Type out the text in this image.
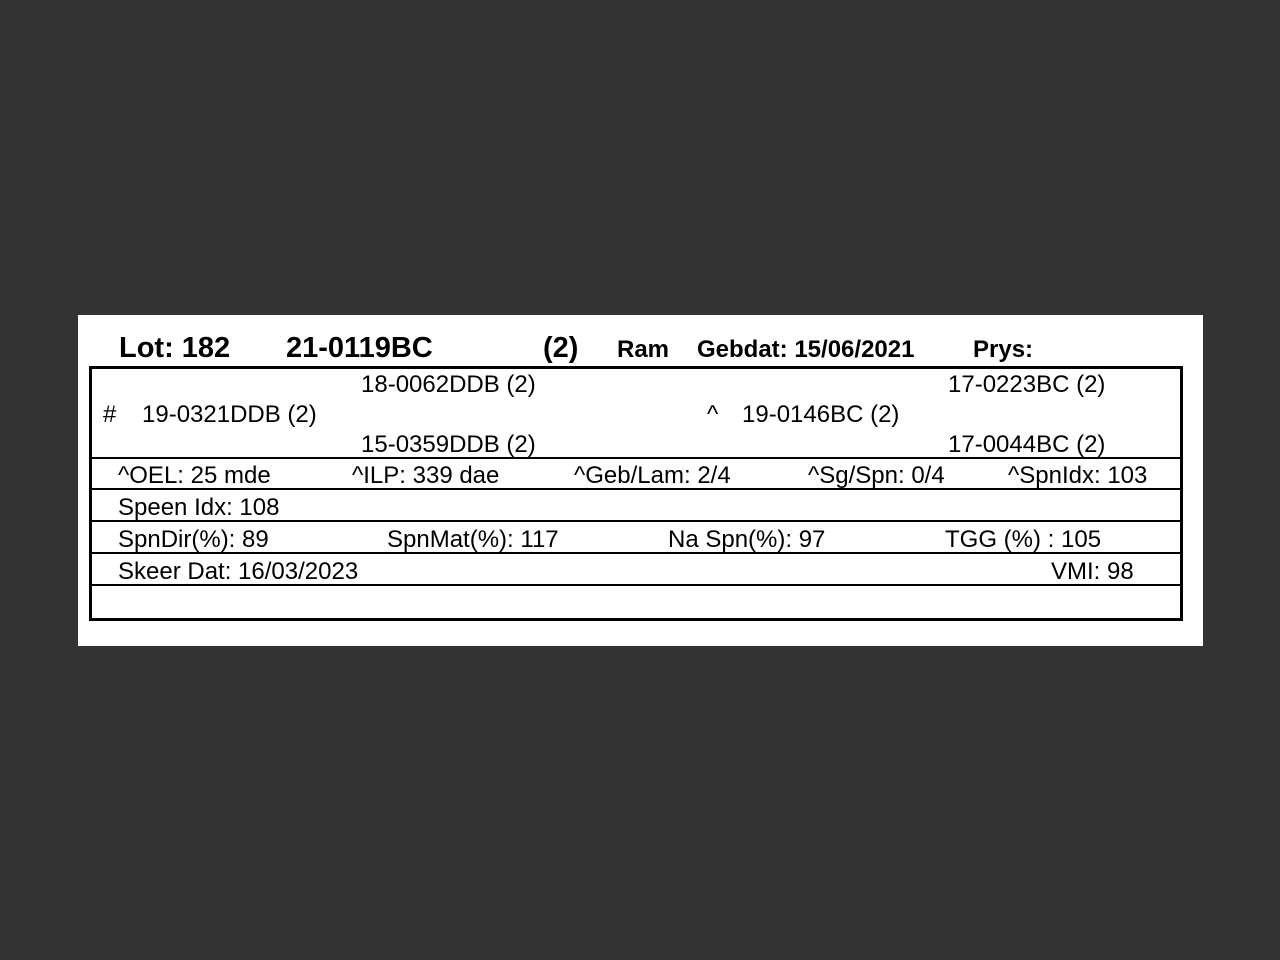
Lot: 182 21-0119BC	(2) Ram Gebdat: 15/06/2021 Prys:
18-0062DDB (2)	17-0223BC (2)
# 19-0321DDB (2)	^ 19-0146BC (2)
15-0359DDB (2)	17-0044BC (2)
^OEL: 25 mde	^ILP: 339 dae	^Geb/Lam: 2/4	^Sg/Spn: 0/4	^SpnIdx: 103
Speen Idx: 108
SpnDir(%): 89	SpnMat(%): 117	Na Spn(%): 97	TGG (%) : 105
Skeer Dat: 16/03/2023	VMI: 98
